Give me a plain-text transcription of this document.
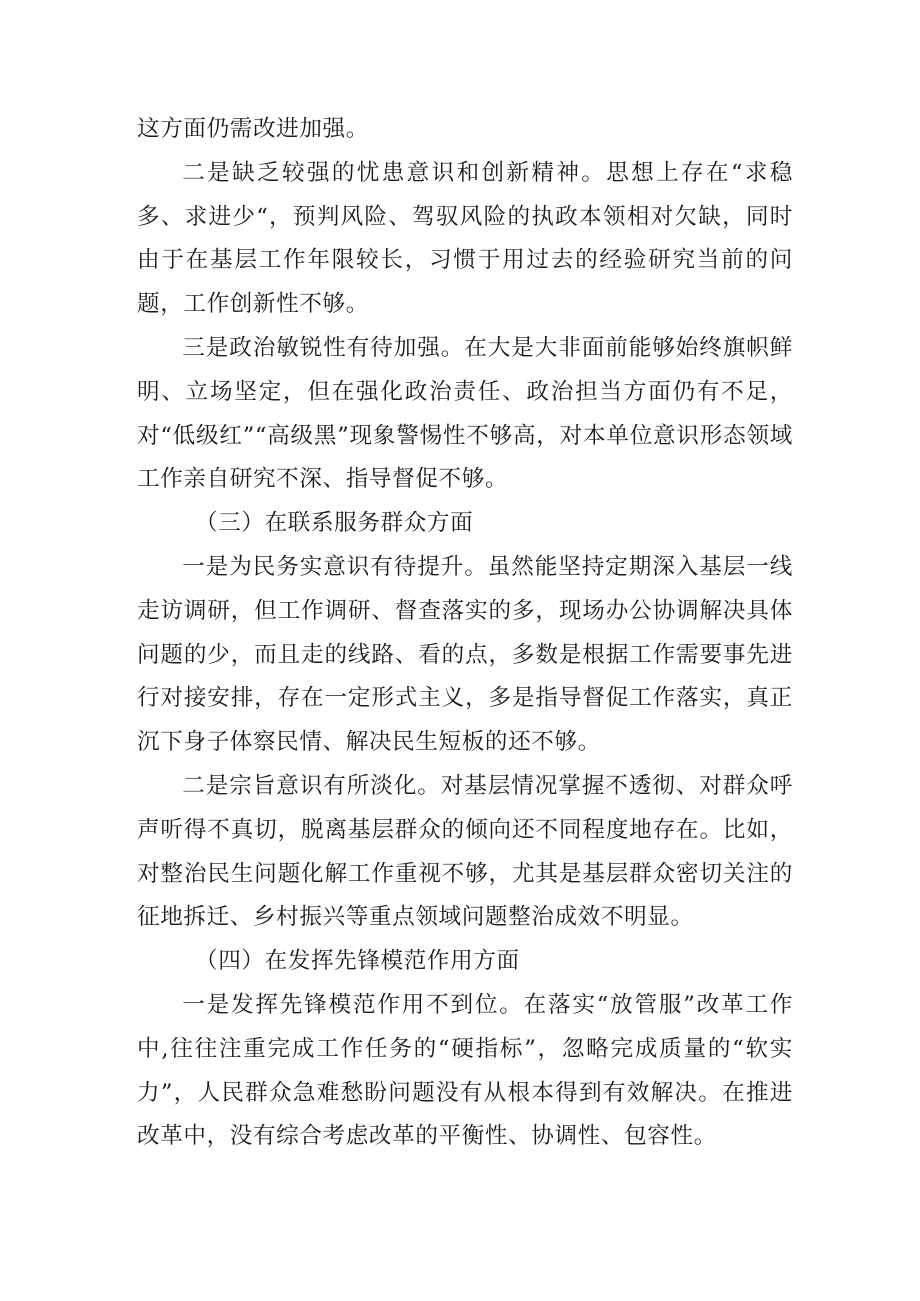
这方面仍需改进加强。

二是缺乏较强的忧患意识和创新精神。思想上存在“求稳多、求进少“，预判风险、驾驭风险的执政本领相对欠缺，同时由于在基层工作年限较长，习惯于用过去的经验研究当前的问题，工作创新性不够。

三是政治敏锐性有待加强。在大是大非面前能够始终旗帜鲜明、立场坚定，但在强化政治责任、政治担当方面仍有不足，对“低级红”“高级黑”现象警惕性不够高，对本单位意识形态领域工作亲自研究不深、指导督促不够。

（三）在联系服务群众方面

一是为民务实意识有待提升。虽然能坚持定期深入基层一线走访调研，但工作调研、督查落实的多，现场办公协调解决具体问题的少，而且走的线路、看的点，多数是根据工作需要事先进行对接安排，存在一定形式主义，多是指导督促工作落实，真正沉下身子体察民情、解决民生短板的还不够。

二是宗旨意识有所淡化。对基层情况掌握不透彻、对群众呼声听得不真切，脱离基层群众的倾向还不同程度地存在。比如，对整治民生问题化解工作重视不够，尤其是基层群众密切关注的征地拆迁、乡村振兴等重点领域问题整治成效不明显。

（四）在发挥先锋模范作用方面

一是发挥先锋模范作用不到位。在落实“放管服”改革工作中,往往注重完成工作任务的“硬指标”，忽略完成质量的“软实力”，人民群众急难愁盼问题没有从根本得到有效解决。在推进改革中，没有综合考虑改革的平衡性、协调性、包容性。
